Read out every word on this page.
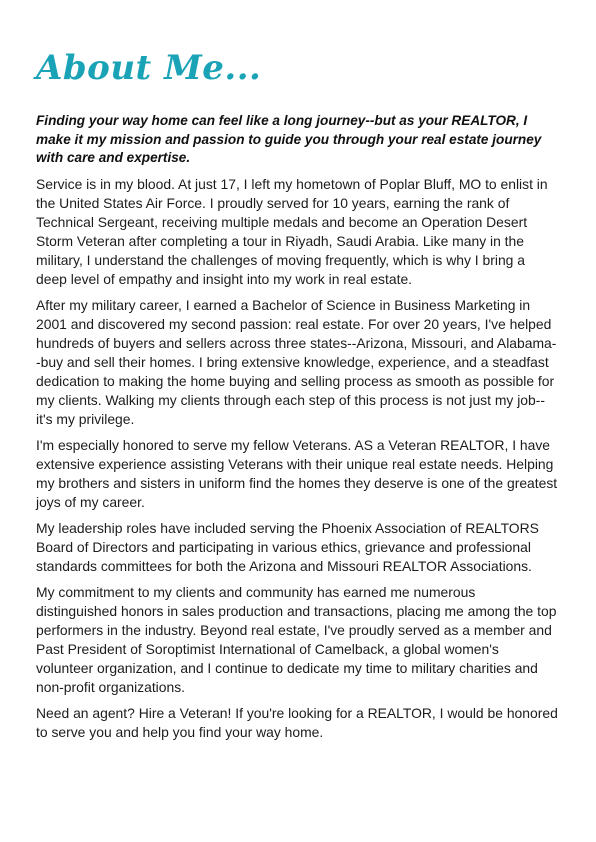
About Me...

Finding your way home can feel like a long journey--but as your REALTOR, I make it my mission and passion to guide you through your real estate journey with care and expertise.

Service is in my blood. At just 17, I left my hometown of Poplar Bluff, MO to enlist in the United States Air Force. I proudly served for 10 years, earning the rank of Technical Sergeant, receiving multiple medals and become an Operation Desert Storm Veteran after completing a tour in Riyadh, Saudi Arabia. Like many in the military, I understand the challenges of moving frequently, which is why I bring a deep level of empathy and insight into my work in real estate.

After my military career, I earned a Bachelor of Science in Business Marketing in 2001 and discovered my second passion: real estate. For over 20 years, I've helped hundreds of buyers and sellers across three states--Arizona, Missouri, and Alabama--buy and sell their homes. I bring extensive knowledge, experience, and a steadfast dedication to making the home buying and selling process as smooth as possible for my clients. Walking my clients through each step of this process is not just my job--it's my privilege.

I'm especially honored to serve my fellow Veterans. AS a Veteran REALTOR, I have extensive experience assisting Veterans with their unique real estate needs. Helping my brothers and sisters in uniform find the homes they deserve is one of the greatest joys of my career.

My leadership roles have included serving the Phoenix Association of REALTORS Board of Directors and participating in various ethics, grievance and professional standards committees for both the Arizona and Missouri REALTOR Associations.

My commitment to my clients and community has earned me numerous distinguished honors in sales production and transactions, placing me among the top performers in the industry. Beyond real estate, I've proudly served as a member and Past President of Soroptimist International of Camelback, a global women's volunteer organization, and I continue to dedicate my time to military charities and non-profit organizations.

Need an agent? Hire a Veteran! If you're looking for a REALTOR, I would be honored to serve you and help you find your way home.
